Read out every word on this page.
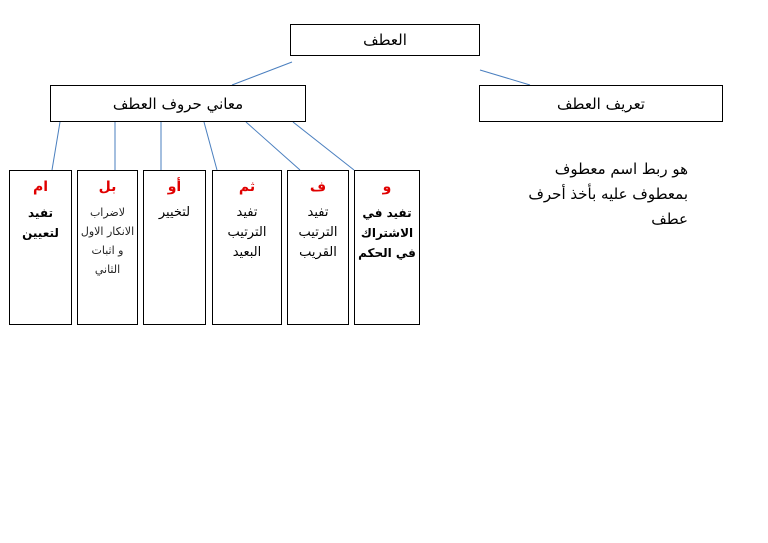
العطف
معاني حروف العطف	تعريف العطف
هو ربط اسم معطوف بمعطوف عليه بأخذ أحرف عطف
و
تفيد في الاشتراك في الحكم
ف
تفيد الترتيب القريب
ثم
تفيد الترتيب البعيد
أو
لتخيير
بل
لاضراب الانكار الاول و اثبات الثاني
ام
تفيد لتعيين
